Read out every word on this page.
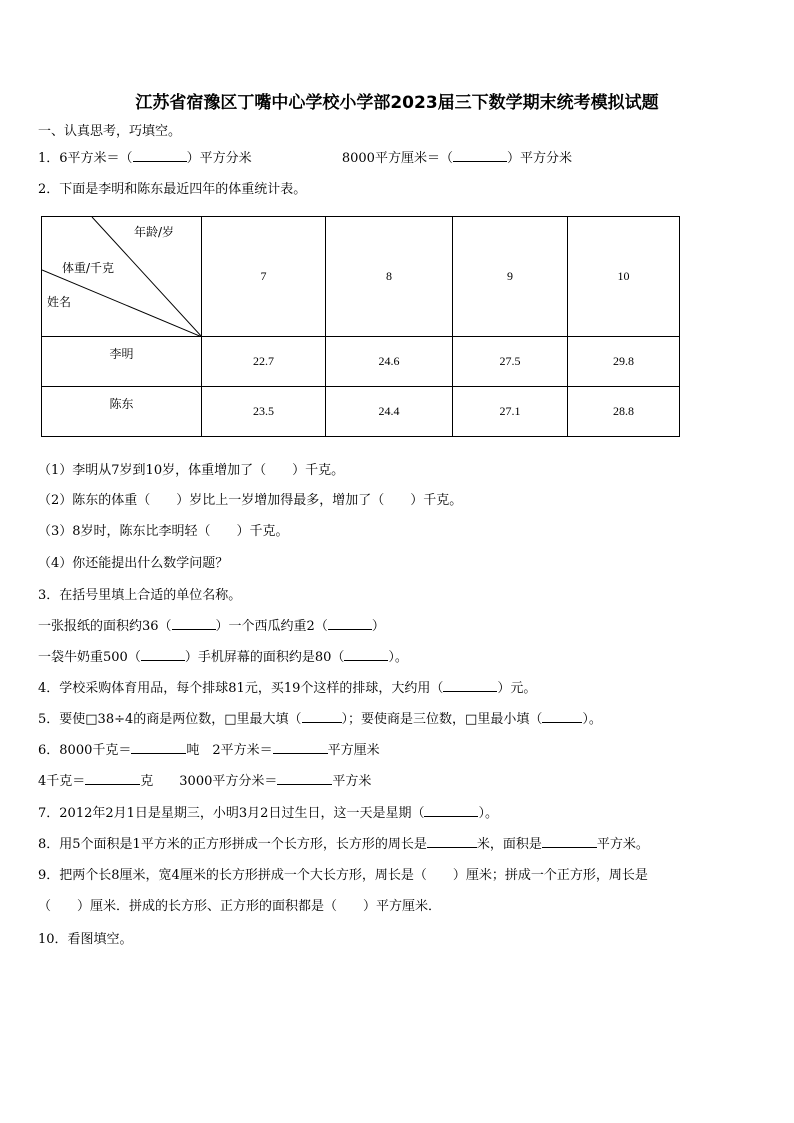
江苏省宿豫区丁嘴中心学校小学部2023届三下数学期末统考模拟试题
一、认真思考，巧填空。
1．6平方米＝（	）平方分米	8000平方厘米＝（	）平方分米
2．下面是李明和陈东最近四年的体重统计表。
年龄/岁
体重/千克
姓名	7	8	9	10
李明	22.7	24.6	27.5	29.8
陈东	23.5	24.4	27.1	28.8
（1）李明从7岁到10岁，体重增加了（　　）千克。
（2）陈东的体重（　　）岁比上一岁增加得最多，增加了（　　）千克。
（3）8岁时，陈东比李明轻（　　）千克。
（4）你还能提出什么数学问题？
3．在括号里填上合适的单位名称。
一张报纸的面积约36（	）一个西瓜约重2（	）
一袋牛奶重500（	）手机屏幕的面积约是80（	）。
4．学校采购体育用品，每个排球81元，买19个这样的排球，大约用（	）元。
5．要使□38÷4的商是两位数，□里最大填（	）；要使商是三位数，□里最小填（	）。
6．8000千克＝	吨　2平方米＝	平方厘米
4千克＝	克　　3000平方分米＝	平方米
7．2012年2月1日是星期三，小明3月2日过生日，这一天是星期（	）。
8．用5个面积是1平方米的正方形拼成一个长方形，长方形的周长是	米，面积是	平方米。
9．把两个长8厘米，宽4厘米的长方形拼成一个大长方形，周长是（　　）厘米；拼成一个正方形，周长是
（　　）厘米．拼成的长方形、正方形的面积都是（　　）平方厘米．
10．看图填空。
